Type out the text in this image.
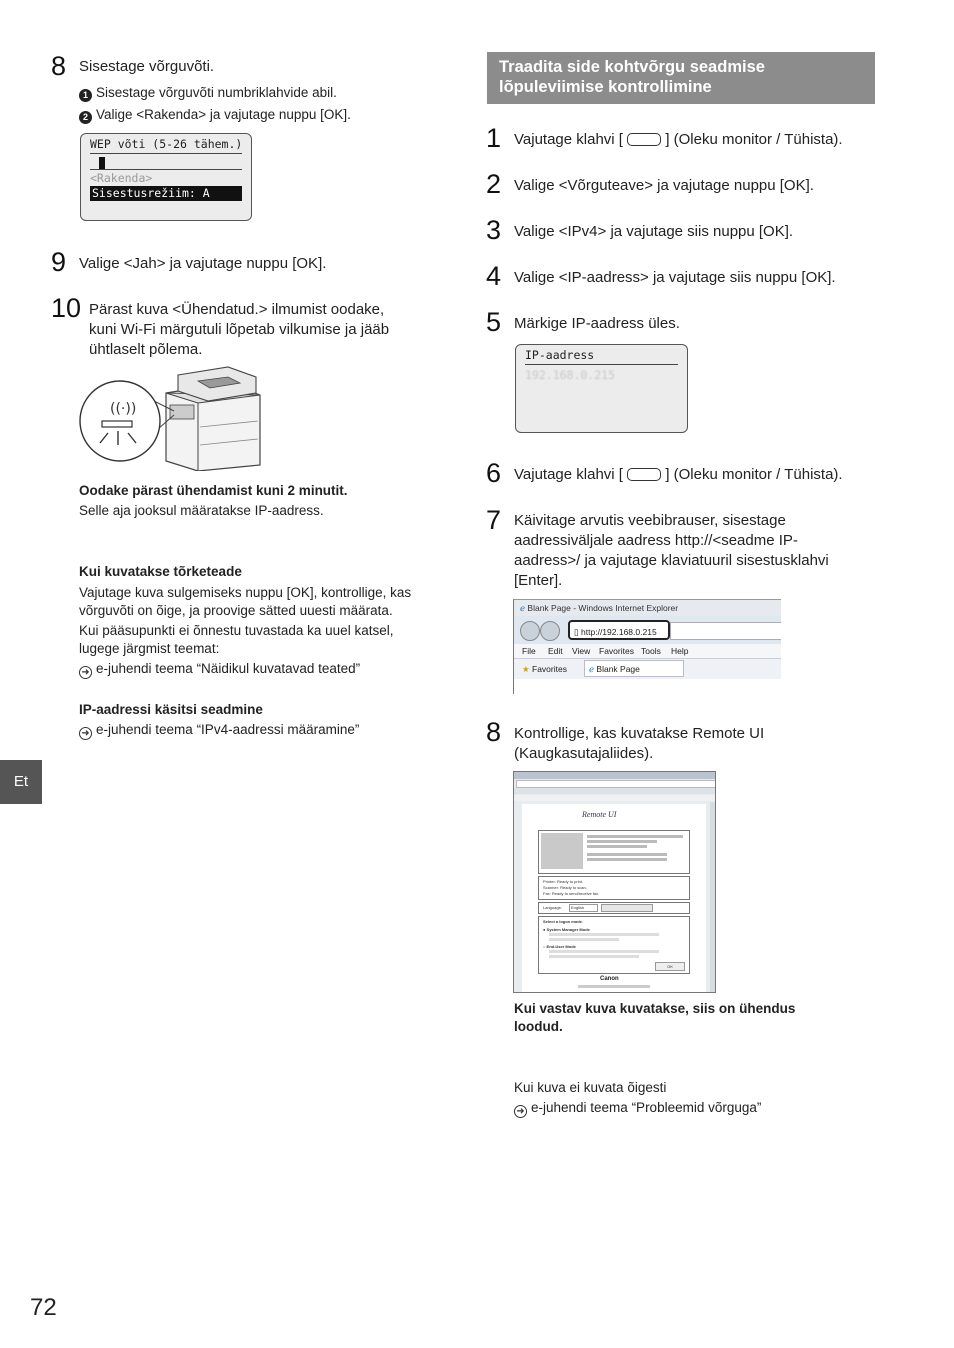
8 Sisestage võrguvõti.
1 Sisestage võrguvõti numbriklahvide abil.
2 Valige <Rakenda> ja vajutage nuppu [OK].
WEP võti (5-26 tähem.)
<Rakenda>
Sisestusrežiim: A
9 Valige <Jah> ja vajutage nuppu [OK].
10 Pärast kuva <Ühendatud.> ilmumist oodake,
kuni Wi-Fi märgutuli lõpetab vilkumise ja jääb
ühtlaselt põlema.
((·))
Oodake pärast ühendamist kuni 2 minutit.
Selle aja jooksul määratakse IP-aadress.
Kui kuvatakse tõrketeade
Vajutage kuva sulgemiseks nuppu [OK], kontrollige, kas
võrguvõti on õige, ja proovige sätted uuesti määrata.
Kui pääsupunkti ei õnnestu tuvastada ka uuel katsel,
lugege järgmist teemat:
➜ e-juhendi teema “Näidikul kuvatavad teated”
IP-aadressi käsitsi seadmine
➜ e-juhendi teema “IPv4-aadressi määramine”
Et
72
Traadita side kohtvõrgu seadmise
lõpuleviimise kontrollimine
1 Vajutage klahvi [	] (Oleku monitor / Tühista).
2 Valige <Võrguteave> ja vajutage nuppu [OK].
3 Valige <IPv4> ja vajutage siis nuppu [OK].
4 Valige <IP-aadress> ja vajutage siis nuppu [OK].
5 Märkige IP-aadress üles.
IP-aadress
192.168.0.215
6 Vajutage klahvi [	] (Oleku monitor / Tühista).
7 Käivitage arvutis veebibrauser, sisestage
aadressiväljale aadress http://<seadme IP-
aadress>/ ja vajutage klaviatuuril sisestusklahvi
[Enter].
ℯ Blank Page - Windows Internet Explorer
▯ http://192.168.0.215
File Edit View Favorites Tools Help
★ Favorites	ℯ Blank Page
8 Kontrollige, kas kuvatakse Remote UI
(Kaugkasutajaliides).
Remote UI
Printer: Ready to print.
Scanner: Ready to scan.
Fax: Ready to send/receive fax.
Language:	English
Select a logon mode.
● System Manager Mode
○ End-User Mode
OK
Canon
Kui vastav kuva kuvatakse, siis on ühendus
loodud.
Kui kuva ei kuvata õigesti
➜ e-juhendi teema “Probleemid võrguga”
